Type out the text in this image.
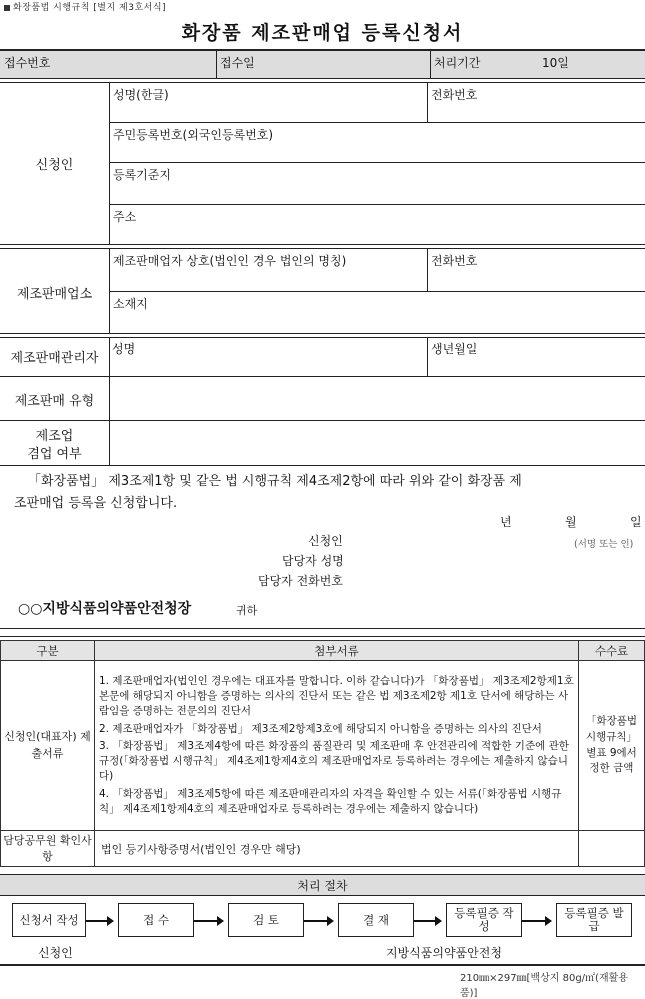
화장품법 시행규칙 [별지 제3호서식]
화장품 제조판매업 등록신청서
접수번호	접수일	처리기간	10일
신청인
성명(한글)	전화번호
주민등록번호(외국인등록번호)
등록기준지
주소
제조판매업소
제조판매업자 상호(법인인 경우 법인의 명칭)	전화번호
소재지
제조판매관리자
성명	생년월일
제조판매 유형
제조업
겸업 여부
「화장품법」 제3조제1항 및 같은 법 시행규칙 제4조제2항에 따라 위와 같이 화장품 제
조판매업 등록을 신청합니다.
년	월	일
신청인	(서명 또는 인)
담당자 성명
담당자 전화번호
○○지방식품의약품안전청장	귀하
구분	첨부서류	수수료
신청인(대표자) 제출서류	1. 제조판매업자(법인인 경우에는 대표자를 말합니다. 이하 같습니다)가 「화장품법」 제3조제2항제1호 본문에 해당되지 아니함을 증명하는 의사의 진단서 또는 같은 법 제3조제2항 제1호 단서에 해당하는 사람임을 증명하는 전문의의 진단서
2. 제조판매업자가 「화장품법」 제3조제2항제3호에 해당되지 아니함을 증명하는 의사의 진단서
3. 「화장품법」 제3조제4항에 따른 화장품의 품질관리 및 제조판매 후 안전관리에 적합한 기준에 관한 규정(「화장품법 시행규칙」 제4조제1항제4호의 제조판매업자로 등록하려는 경우에는 제출하지 않습니다)
4. 「화장품법」 제3조제5항에 따른 제조판매관리자의 자격을 확인할 수 있는 서류(「화장품법 시행규칙」 제4조제1항제4호의 제조판매업자로 등록하려는 경우에는 제출하지 않습니다)	「화장품법 시행규칙」 별표 9에서 정한 금액
담당공무원 확인사항	법인 등기사항증명서(법인인 경우만 해당)	
처리 절차
신청서 작성	접 수	검 토	결 재	등록필증 작성
등록필증 발급
신청인	지방식품의약품안전청
210㎜×297㎜[백상지 80g/㎡(재활용품)]
